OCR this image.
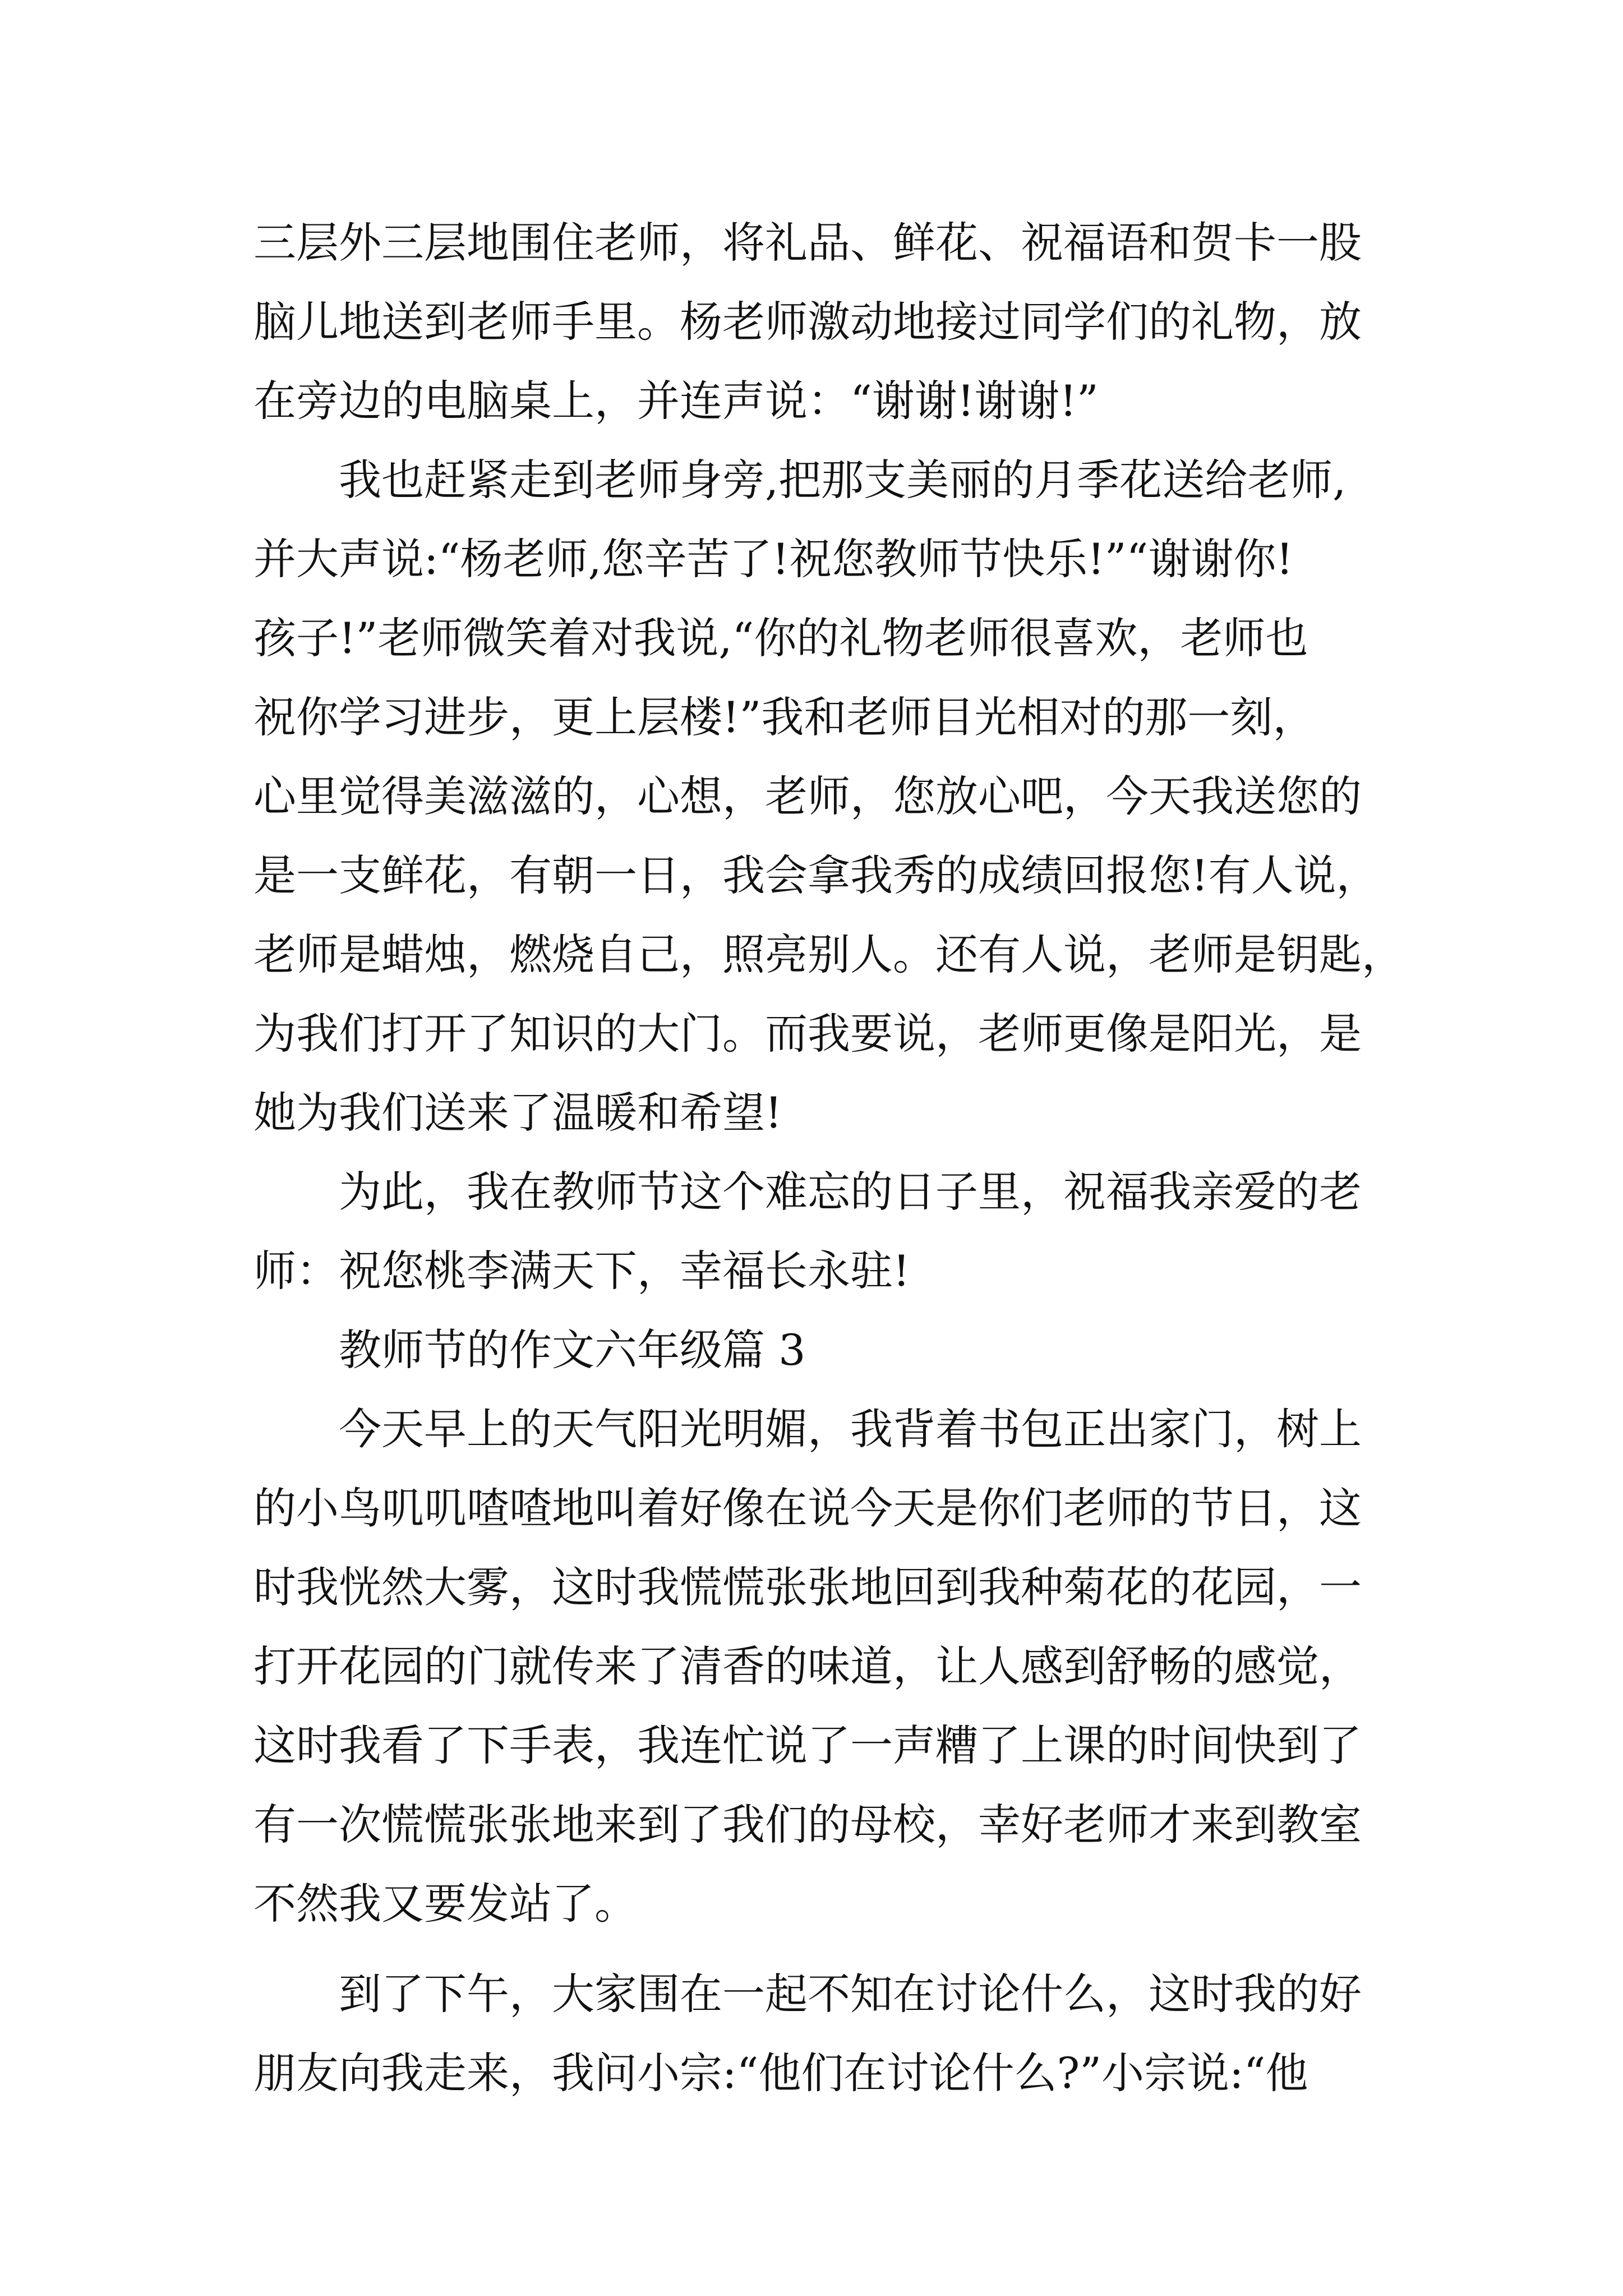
三层外三层地围住老师，将礼品、鲜花、祝福语和贺卡一股
脑儿地送到老师手里。杨老师激动地接过同学们的礼物，放
在旁边的电脑桌上，并连声说：“谢谢!谢谢!”
我也赶紧走到老师身旁,把那支美丽的月季花送给老师,
并大声说:“杨老师,您辛苦了!祝您教师节快乐!”“谢谢你!
孩子!”老师微笑着对我说,“你的礼物老师很喜欢，老师也
祝你学习进步，更上层楼!”我和老师目光相对的那一刻，
心里觉得美滋滋的，心想，老师，您放心吧，今天我送您的
是一支鲜花，有朝一日，我会拿我秀的成绩回报您!有人说，
老师是蜡烛，燃烧自己，照亮别人。还有人说，老师是钥匙，
为我们打开了知识的大门。而我要说，老师更像是阳光，是
她为我们送来了温暖和希望!
为此，我在教师节这个难忘的日子里，祝福我亲爱的老
师：祝您桃李满天下，幸福长永驻!
教师节的作文六年级篇 3
今天早上的天气阳光明媚，我背着书包正出家门，树上
的小鸟叽叽喳喳地叫着好像在说今天是你们老师的节日，这
时我恍然大雾，这时我慌慌张张地回到我种菊花的花园，一
打开花园的门就传来了清香的味道，让人感到舒畅的感觉，
这时我看了下手表，我连忙说了一声糟了上课的时间快到了
有一次慌慌张张地来到了我们的母校，幸好老师才来到教室
不然我又要发站了。
到了下午，大家围在一起不知在讨论什么，这时我的好
朋友向我走来，我问小宗:“他们在讨论什么?”小宗说:“他
